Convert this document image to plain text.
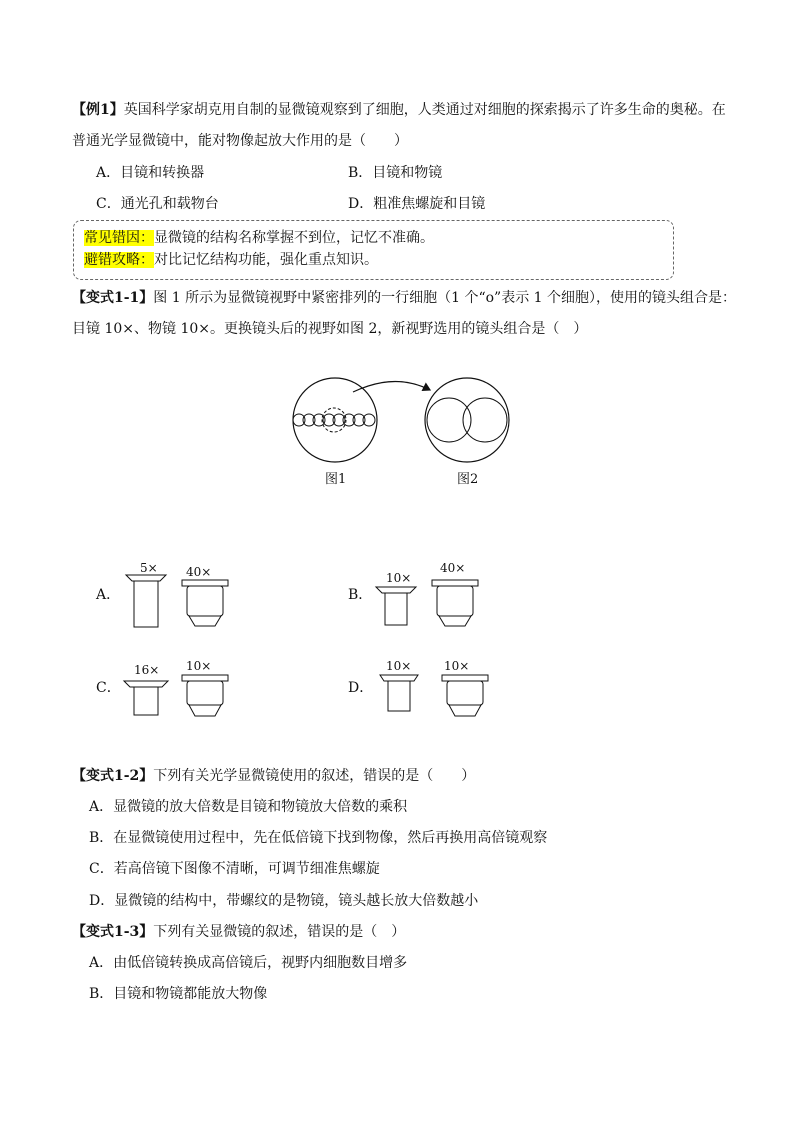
【例1】英国科学家胡克用自制的显微镜观察到了细胞，人类通过对细胞的探索揭示了许多生命的奥秘。在
普通光学显微镜中，能对物像起放大作用的是（　　）
A．目镜和转换器	B．目镜和物镜
C．通光孔和载物台	D．粗准焦螺旋和目镜
常见错因：显微镜的结构名称掌握不到位，记忆不准确。
避错攻略：对比记忆结构功能，强化重点知识。
【变式1-1】图 1 所示为显微镜视野中紧密排列的一行细胞（1 个“o”表示 1 个细胞），使用的镜头组合是：
目镜 10×、物镜 10×。更换镜头后的视野如图 2，新视野选用的镜头组合是（　）
图1	图2
A．
5× 40×
B．
10×
40×
C．
16× 10×
D．
10×	10×
【变式1-2】下列有关光学显微镜使用的叙述，错误的是（　　）
A．显微镜的放大倍数是目镜和物镜放大倍数的乘积
B．在显微镜使用过程中，先在低倍镜下找到物像，然后再换用高倍镜观察
C．若高倍镜下图像不清晰，可调节细准焦螺旋
D．显微镜的结构中，带螺纹的是物镜，镜头越长放大倍数越小
【变式1-3】下列有关显微镜的叙述，错误的是（　）
A．由低倍镜转换成高倍镜后，视野内细胞数目增多
B．目镜和物镜都能放大物像
